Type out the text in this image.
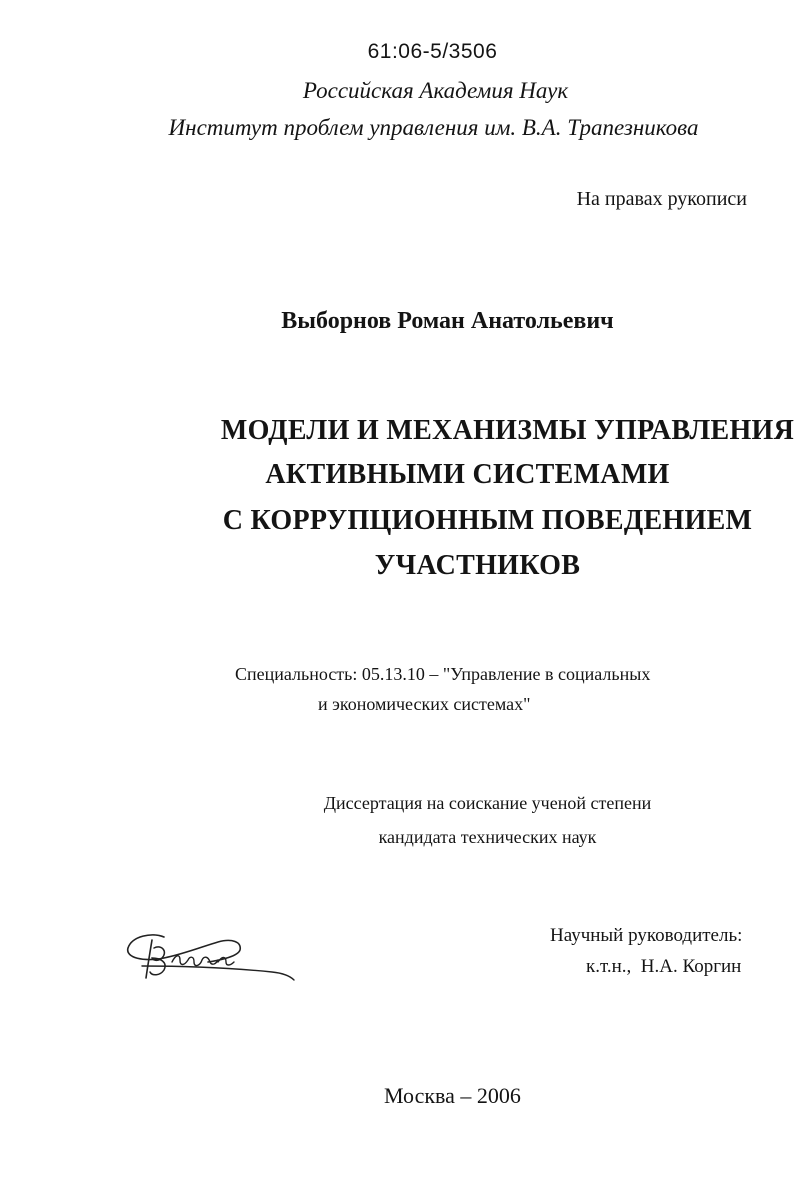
61:06-5/3506
Российская Академия Наук
Институт проблем управления им. В.А. Трапезникова
На правах рукописи
Выборнов Роман Анатольевич
МОДЕЛИ И МЕХАНИЗМЫ УПРАВЛЕНИЯ
АКТИВНЫМИ СИСТЕМАМИ
С КОРРУПЦИОННЫМ ПОВЕДЕНИЕМ
УЧАСТНИКОВ
Специальность: 05.13.10 – "Управление в социальных
и экономических системах"
Диссертация на соискание ученой степени
кандидата технических наук
Научный руководитель:
к.т.н.,  Н.А. Коргин
Москва – 2006
